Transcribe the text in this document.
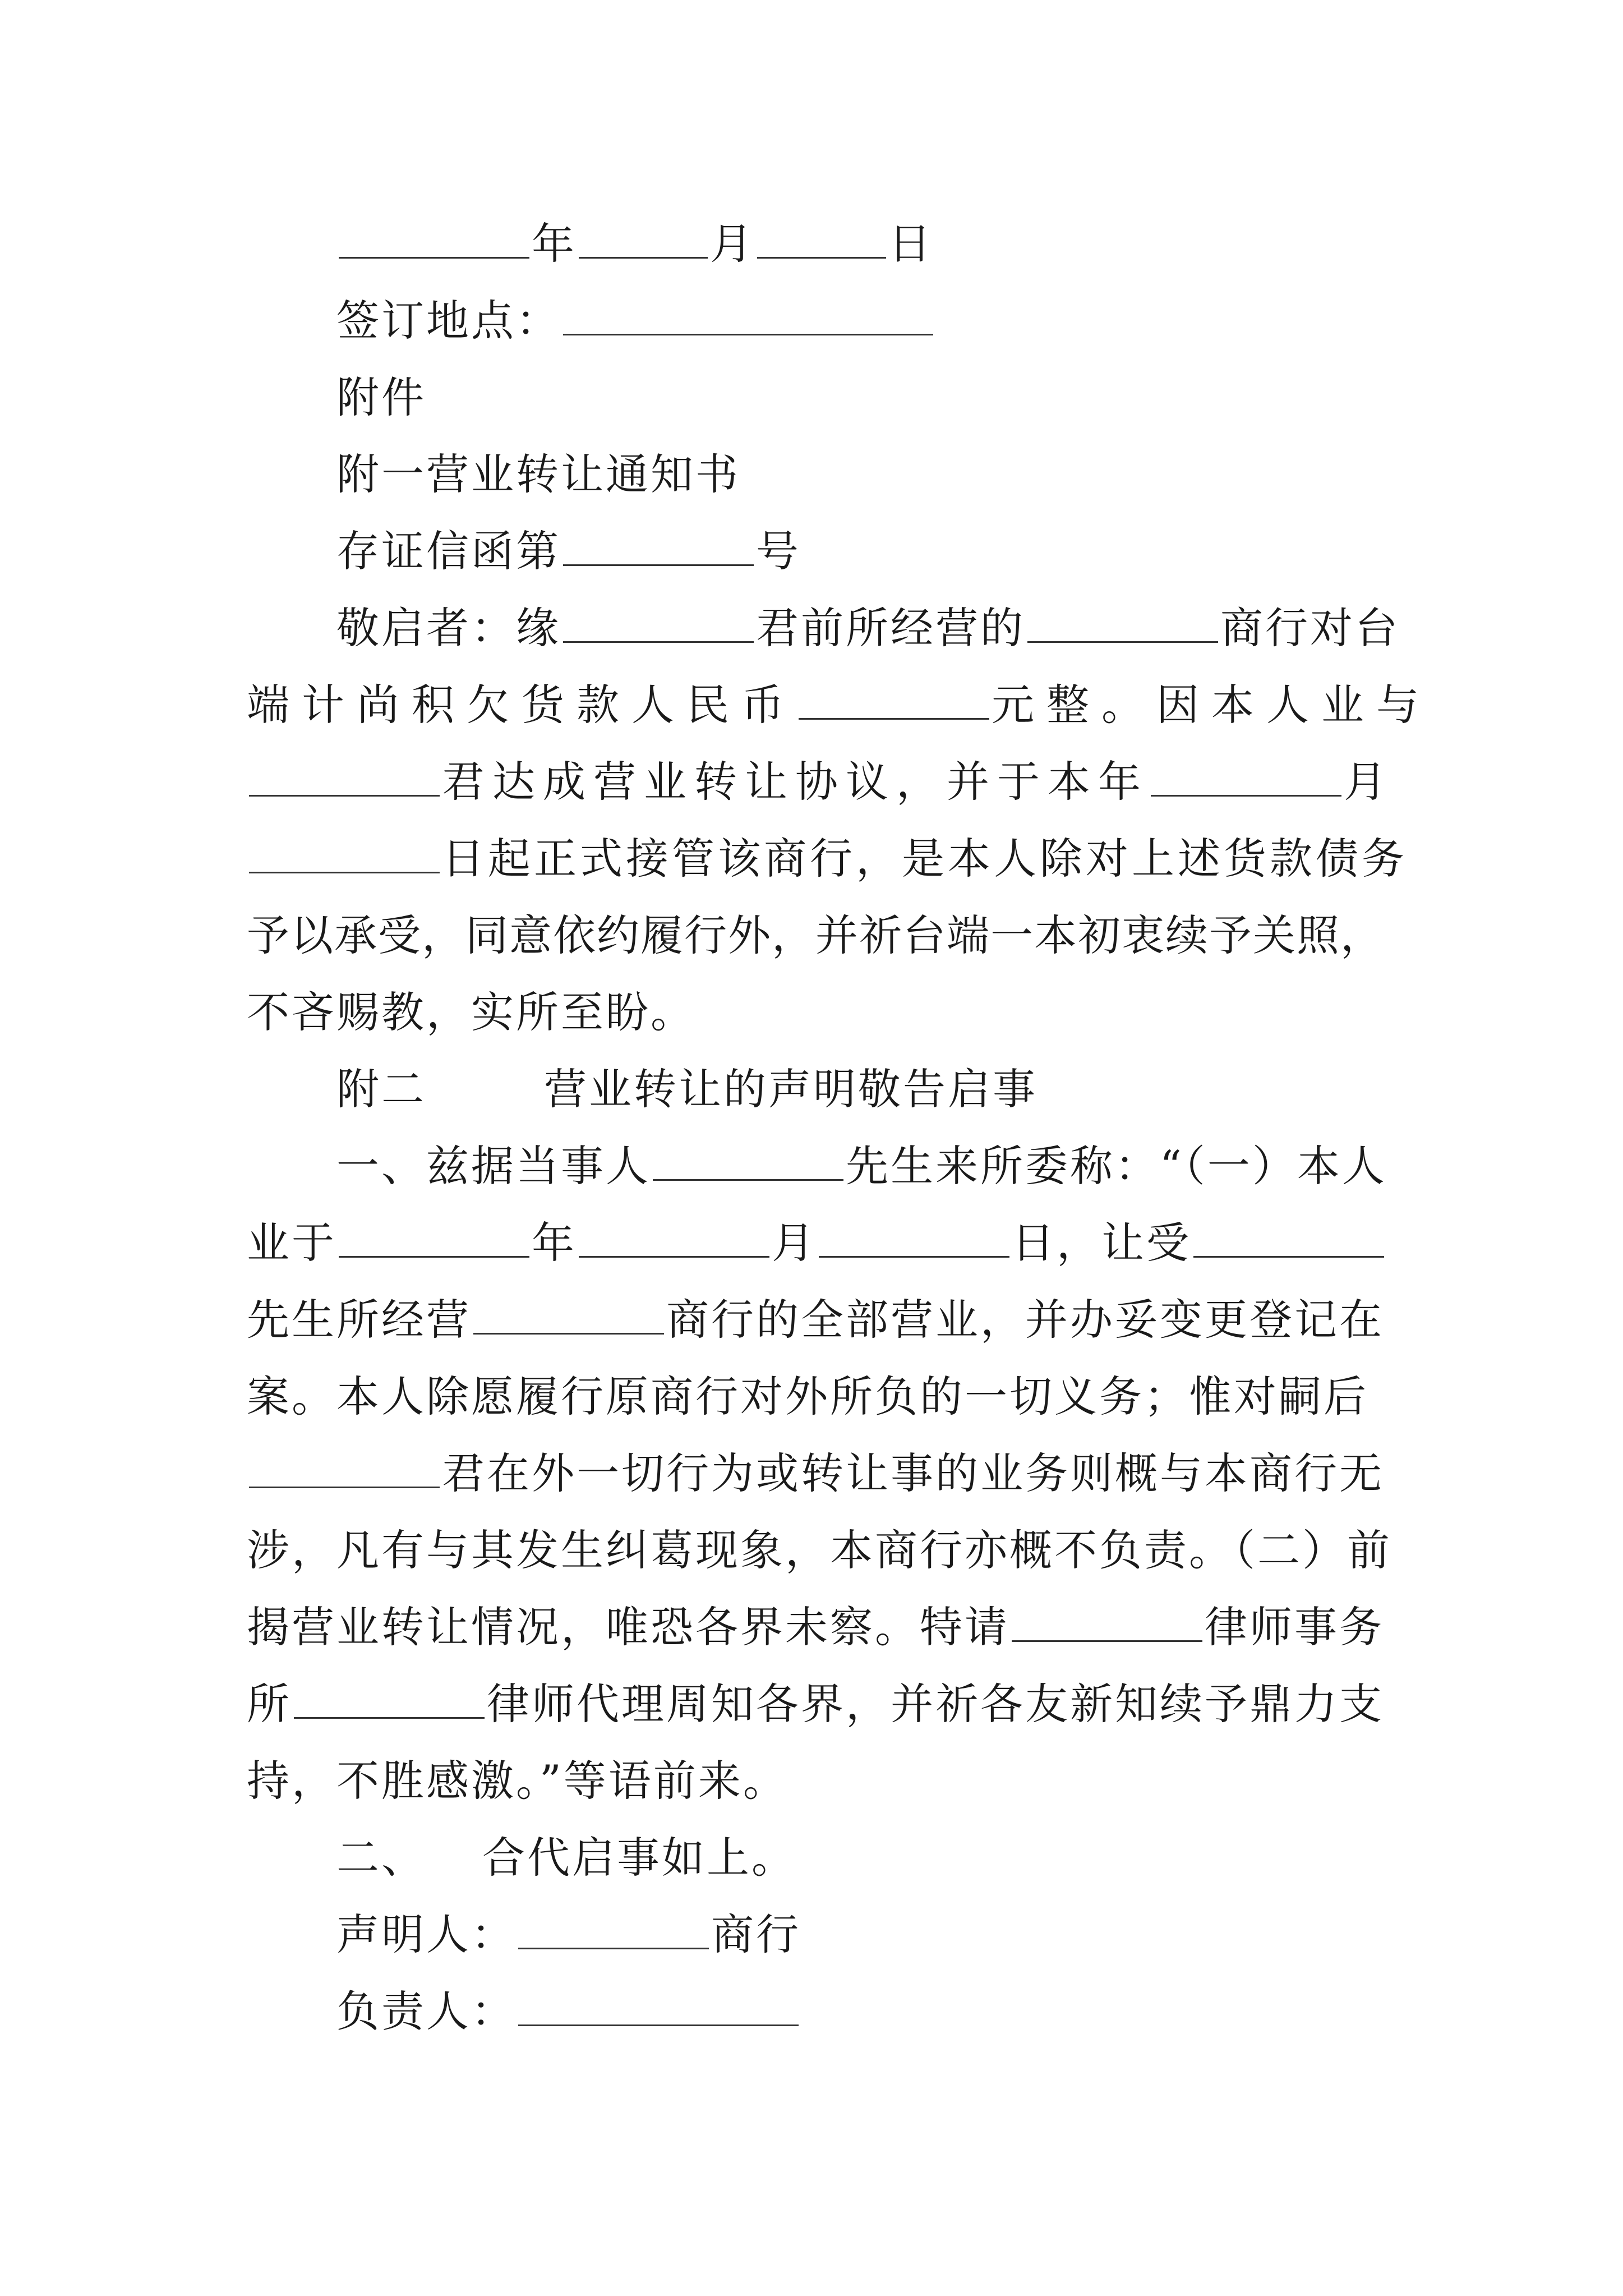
年	月	日
签订地点：
附件
附一营业转让通知书
存证信函第	号
敬启者：缘	君前所经营的	商行对台
端计尚积欠货款人民币	元整。因本人业与
君达成营业转让协议，并于本年	月
日起正式接管该商行，是本人除对上述货款债务
予以承受，同意依约履行外，并祈台端一本初衷续予关照，
不吝赐教，实所至盼。
附二	营业转让的声明敬告启事
一、兹据当事人	先生来所委称：“（一）本人
业于	年	月	日，让受
先生所经营	商行的全部营业，并办妥变更登记在
案。本人除愿履行原商行对外所负的一切义务；惟对嗣后
君在外一切行为或转让事的业务则概与本商行无
涉，凡有与其发生纠葛现象，本商行亦概不负责。（二）前
揭营业转让情况，唯恐各界未察。特请	律师事务
所	律师代理周知各界，并祈各友新知续予鼎力支
持，不胜感激。”等语前来。
二、 合代启事如上。
声明人：	商行
负责人：
